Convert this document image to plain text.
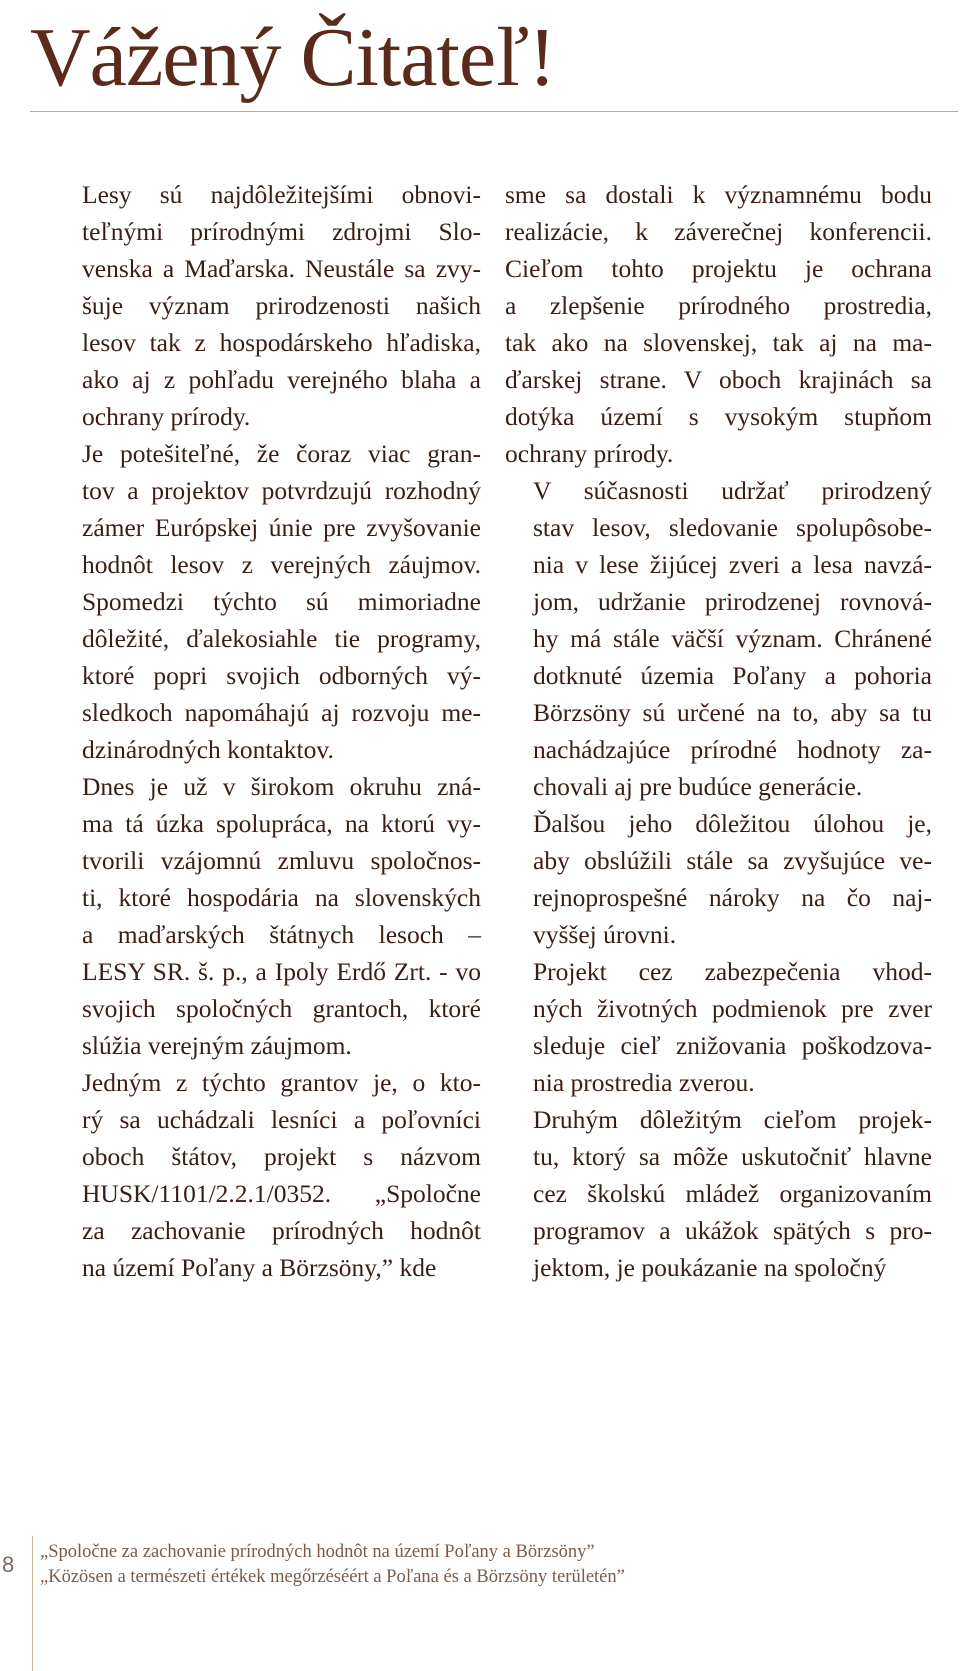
Vážený Čitateľ!

Lesy sú najdôležitejšími obnovi-
teľnými prírodnými zdrojmi Slo-
venska a Maďarska. Neustále sa zvy-
šuje význam prirodzenosti našich
lesov tak z hospodárskeho hľadiska,
ako aj z pohľadu verejného blaha a
ochrany prírody.

Je potešiteľné, že čoraz viac gran-
tov a projektov potvrdzujú rozhodný
zámer Európskej únie pre zvyšovanie
hodnôt lesov z verejných záujmov.
Spomedzi týchto sú mimoriadne
dôležité, ďalekosiahle tie programy,
ktoré popri svojich odborných vý-
sledkoch napomáhajú aj rozvoju me-
dzinárodných kontaktov.

Dnes je už v širokom okruhu zná-
ma tá úzka spolupráca, na ktorú vy-
tvorili vzájomnú zmluvu spoločnos-
ti, ktoré hospodária na slovenských
a maďarských štátnych lesoch –
LESY SR. š. p., a Ipoly Erdő Zrt. - vo
svojich spoločných grantoch, ktoré
slúžia verejným záujmom.

Jedným z týchto grantov je, o kto-
rý sa uchádzali lesníci a poľovníci
oboch štátov, projekt s názvom
HUSK/1101/2.2.1/0352. „Spoločne
za zachovanie prírodných hodnôt
na území Poľany a Börzsöny,” kde

sme sa dostali k významnému bodu
realizácie, k záverečnej konferencii.
Cieľom tohto projektu je ochrana
a zlepšenie prírodného prostredia,
tak ako na slovenskej, tak aj na ma-
ďarskej strane. V oboch krajinách sa
dotýka území s vysokým stupňom
ochrany prírody.

V súčasnosti udržať prirodzený
stav lesov, sledovanie spolupôsobe-
nia v lese žijúcej zveri a lesa navzá-
jom, udržanie prirodzenej rovnová-
hy má stále väčší význam. Chránené
dotknuté územia Poľany a pohoria
Börzsöny sú určené na to, aby sa tu
nachádzajúce prírodné hodnoty za-
chovali aj pre budúce generácie.

Ďalšou jeho dôležitou úlohou je,
aby obslúžili stále sa zvyšujúce ve-
rejnoprospešné nároky na čo naj-
vyššej úrovni.

Projekt cez zabezpečenia vhod-
ných životných podmienok pre zver
sleduje cieľ znižovania poškodzova-
nia prostredia zverou.

Druhým dôležitým cieľom projek-
tu, ktorý sa môže uskutočniť hlavne
cez školskú mládež organizovaním
programov a ukážok spätých s pro-
jektom, je poukázanie na spoločný

8 „Spoločne za zachovanie prírodných hodnôt na území Poľany a Börzsöny”
„Közösen a természeti értékek megőrzéséért a Poľana és a Börzsöny területén”
